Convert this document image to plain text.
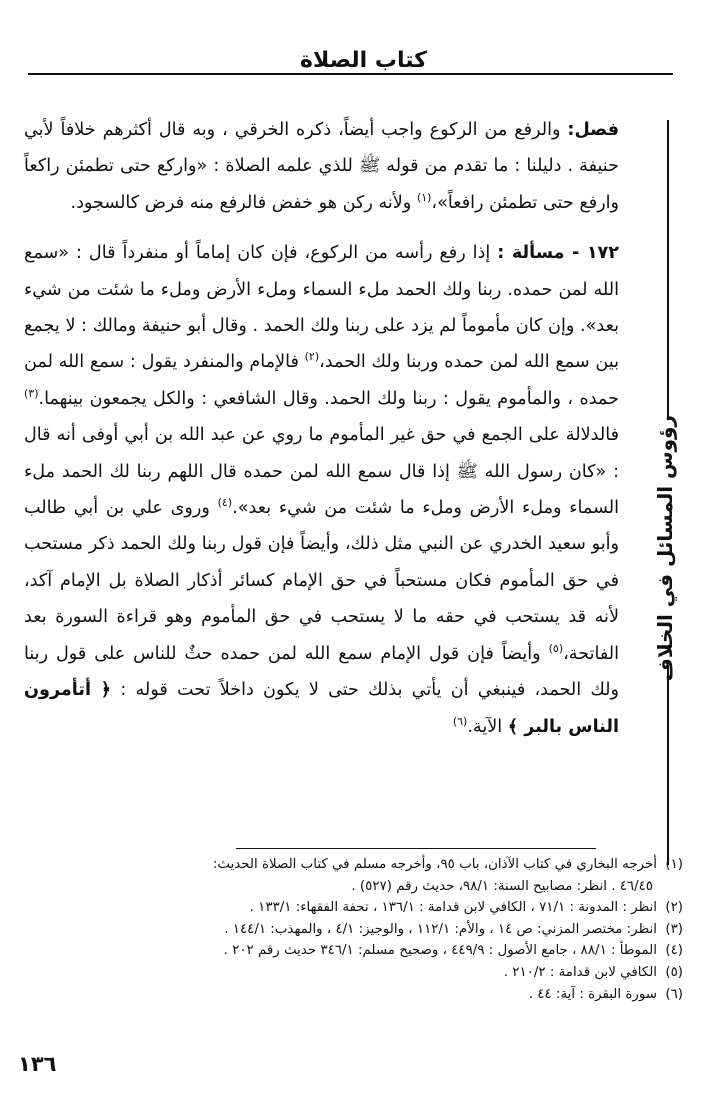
كتاب الصلاة
رؤوس المسائل في الخلاف

فصل: والرفع من الركوع واجب أيضاً، ذكره الخرقي ، وبه قال أكثرهم خلافاً لأبي حنيفة . دليلنا : ما تقدم من قوله ﷺ للذي علمه الصلاة : «واركع حتى تطمئن راكعاً وارفع حتى تطمئن رافعاً»،$^{(١)}$ ولأنه ركن هو خفض فالرفع منه فرض كالسجود.

١٧٢ - مسألة : إذا رفع رأسه من الركوع، فإن كان إماماً أو منفرداً قال : «سمع الله لمن حمده. ربنا ولك الحمد ملء السماء وملء الأرض وملء ما شئت من شيء بعد». وإن كان مأموماً لم يزد على ربنا ولك الحمد . وقال أبو حنيفة ومالك : لا يجمع بين سمع الله لمن حمده وربنا ولك الحمد،$^{(٢)}$ فالإمام والمنفرد يقول : سمع الله لمن حمده ، والمأموم يقول : ربنا ولك الحمد. وقال الشافعي : والكل يجمعون بينهما.$^{(٣)}$ فالدلالة على الجمع في حق غير المأموم ما روي عن عبد الله بن أبي أوفى أنه قال : «كان رسول الله ﷺ إذا قال سمع الله لمن حمده قال اللهم ربنا لك الحمد ملء السماء وملء الأرض وملء ما شئت من شيء بعد».$^{(٤)}$ وروى علي بن أبي طالب وأبو سعيد الخدري عن النبي مثل ذلك، وأيضاً فإن قول ربنا ولك الحمد ذكر مستحب في حق المأموم فكان مستحباً في حق الإمام كسائر أذكار الصلاة بل الإمام آكد، لأنه قد يستحب في حقه ما لا يستحب في حق المأموم وهو قراءة السورة بعد الفاتحة،$^{(٥)}$ وأيضاً فإن قول الإمام سمع الله لمن حمده حثٌ للناس على قول ربنا ولك الحمد، فينبغي أن يأتي بذلك حتى لا يكون داخلاً تحت قوله : ﴿ أتأمرون الناس بالبر ﴾ الآية.$^{(٦)}$

(١)أخرجه البخاري في كتاب الآذان، باب ٩٥، وأخرجه مسلم في كتاب الصلاة الحديث:

٤٦/٤٥ . انظر: مصابيح السنة: ٩٨/١، حديث رقم (٥٢٧) .

(٢)انظر : المدونة : ٧١/١ ، الكافي لابن قدامة : ١٣٦/١ ، تحفة الفقهاء: ١٣٣/١ .

(٣)انظر: مختصر المزني: ص ١٤ ، والأم: ١١٢/١ ، والوجيز: ٤/١ ، والمهذب: ١٤٤/١ .

(٤)الموطأ : ٨٨/١ ، جامع الأصول : ٤٤٩/٩ ، وصحيح مسلم: ٣٤٦/١ حديث رقم ٢٠٢ .

(٥)الكافي لابن قدامة : ٢١٠/٢ .

(٦)سورة البقرة : آية: ٤٤ .

١٣٦
